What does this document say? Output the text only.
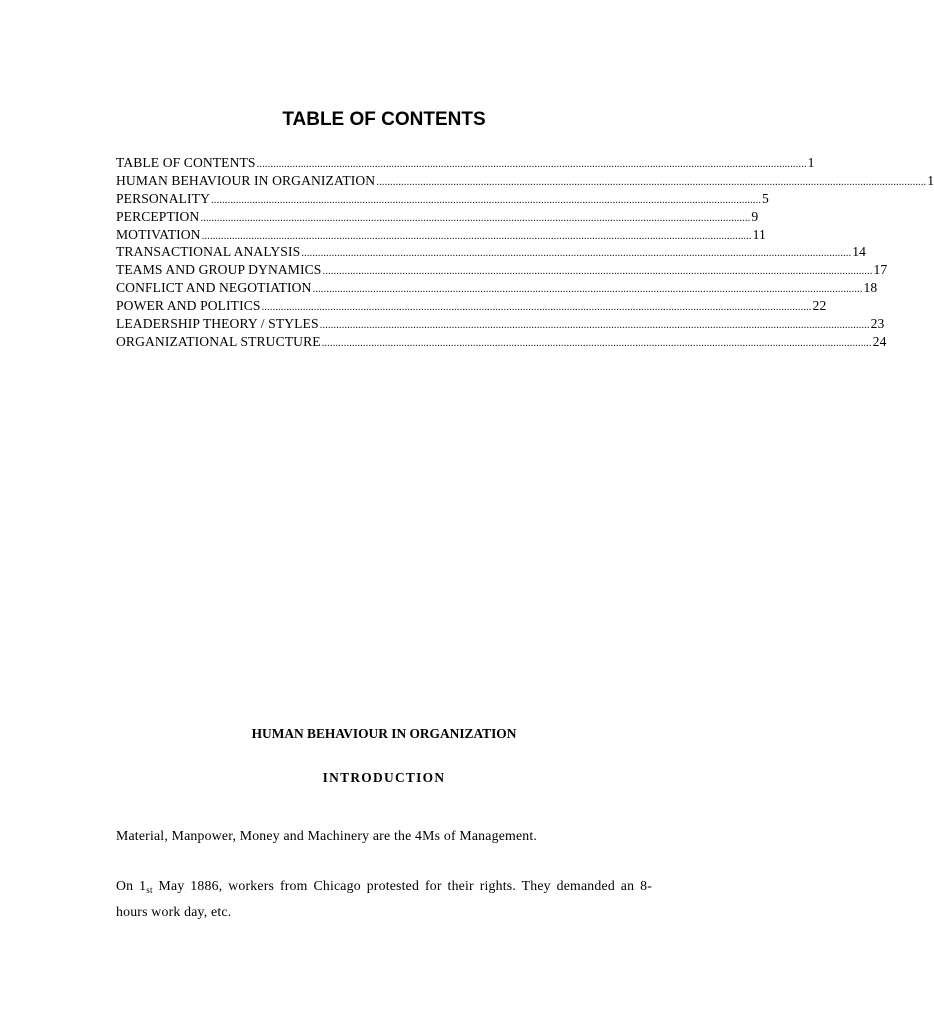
TABLE OF CONTENTS
TABLE OF CONTENTS ........................................................................................................................................................................................................ 1
HUMAN BEHAVIOUR IN ORGANIZATION ........................................................................................................................................................................................................ 1
PERSONALITY ........................................................................................................................................................................................................ 5
PERCEPTION ........................................................................................................................................................................................................ 9
MOTIVATION ........................................................................................................................................................................................................ 11
TRANSACTIONAL ANALYSIS ........................................................................................................................................................................................................ 14
TEAMS AND GROUP DYNAMICS ........................................................................................................................................................................................................ 17
CONFLICT AND NEGOTIATION ........................................................................................................................................................................................................ 18
POWER AND POLITICS ........................................................................................................................................................................................................ 22
LEADERSHIP THEORY / STYLES ........................................................................................................................................................................................................ 23
ORGANIZATIONAL STRUCTURE ........................................................................................................................................................................................................ 24
HUMAN BEHAVIOUR IN ORGANIZATION
INTRODUCTION

Material, Manpower, Money and Machinery are the 4Ms of Management.

On $1_{st}$ May 1886, workers from Chicago protested for their rights. They demanded an 8-hours work day, etc.
